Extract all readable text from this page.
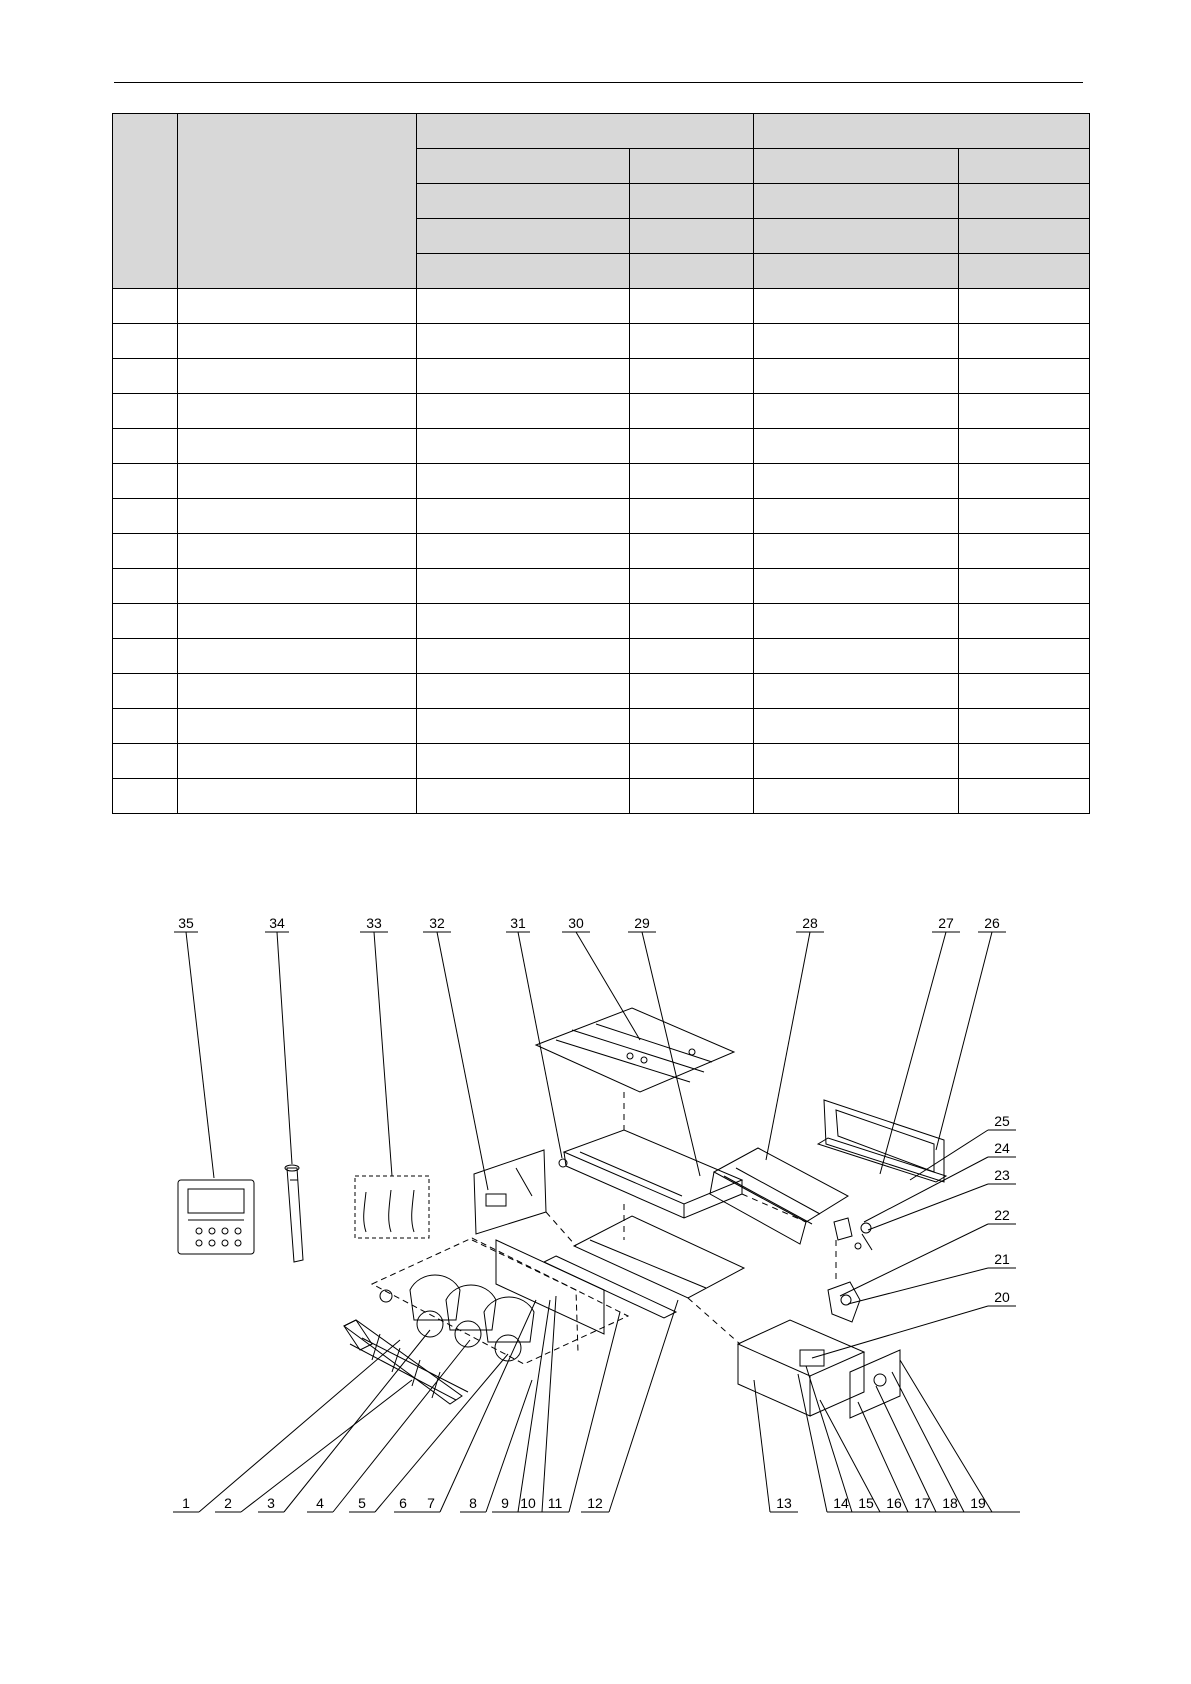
35	34	33	32	31	30	29	28	27 26
25
24
23
22
21
20
1 2	3	4 5 6 7 8 9 10 11 12	13	14 15 16 17 18 19
